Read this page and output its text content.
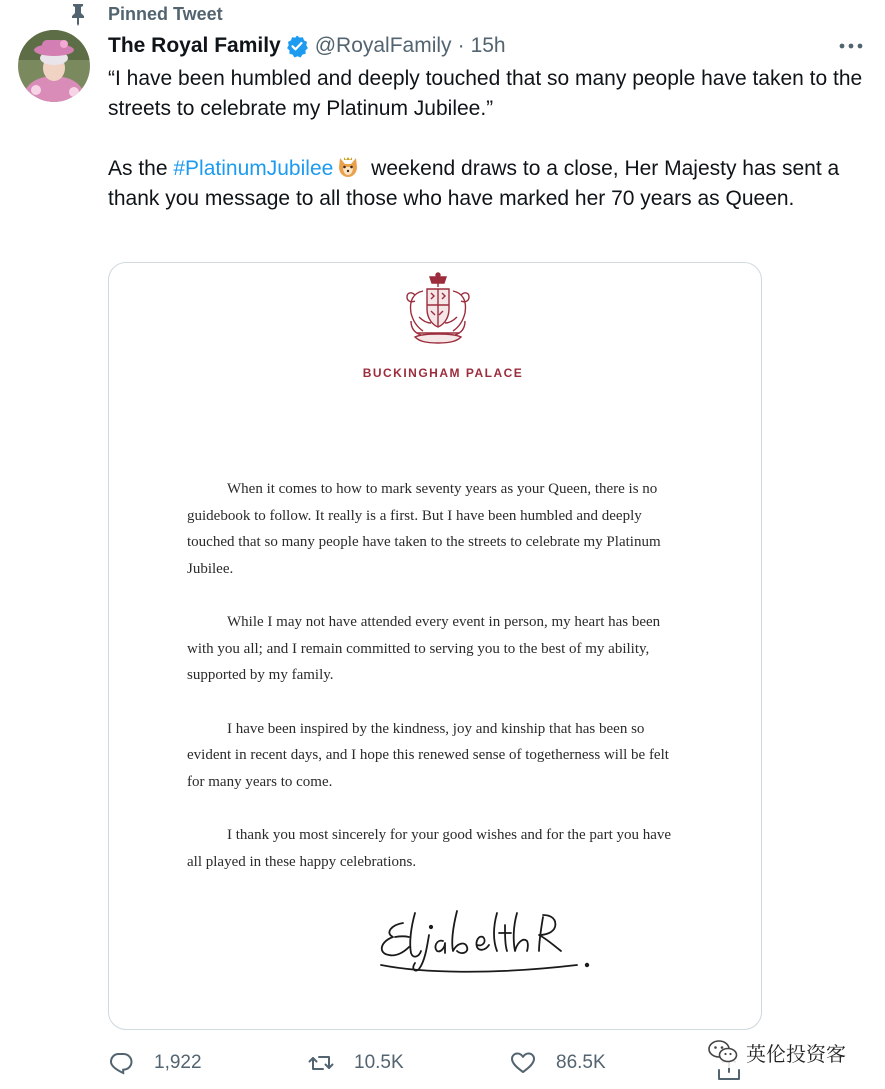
Pinned Tweet
The Royal Family @RoyalFamily · 15h

“I have been humbled and deeply touched that so many people have taken to the streets to celebrate my Platinum Jubilee.”

As the #PlatinumJubilee weekend draws to a close, Her Majesty has sent a thank you message to all those who have marked her 70 years as Queen.

BUCKINGHAM PALACE

When it comes to how to mark seventy years as your Queen, there is no guidebook to follow. It really is a first. But I have been humbled and deeply touched that so many people have taken to the streets to celebrate my Platinum Jubilee.

While I may not have attended every event in person, my heart has been with you all; and I remain committed to serving you to the best of my ability, supported by my family.

I have been inspired by the kindness, joy and kinship that has been so evident in recent days, and I hope this renewed sense of togetherness will be felt for many years to come.

I thank you most sincerely for your good wishes and for the part you have all played in these happy celebrations.

1,922	10.5K	86.5K	英伦投资客
